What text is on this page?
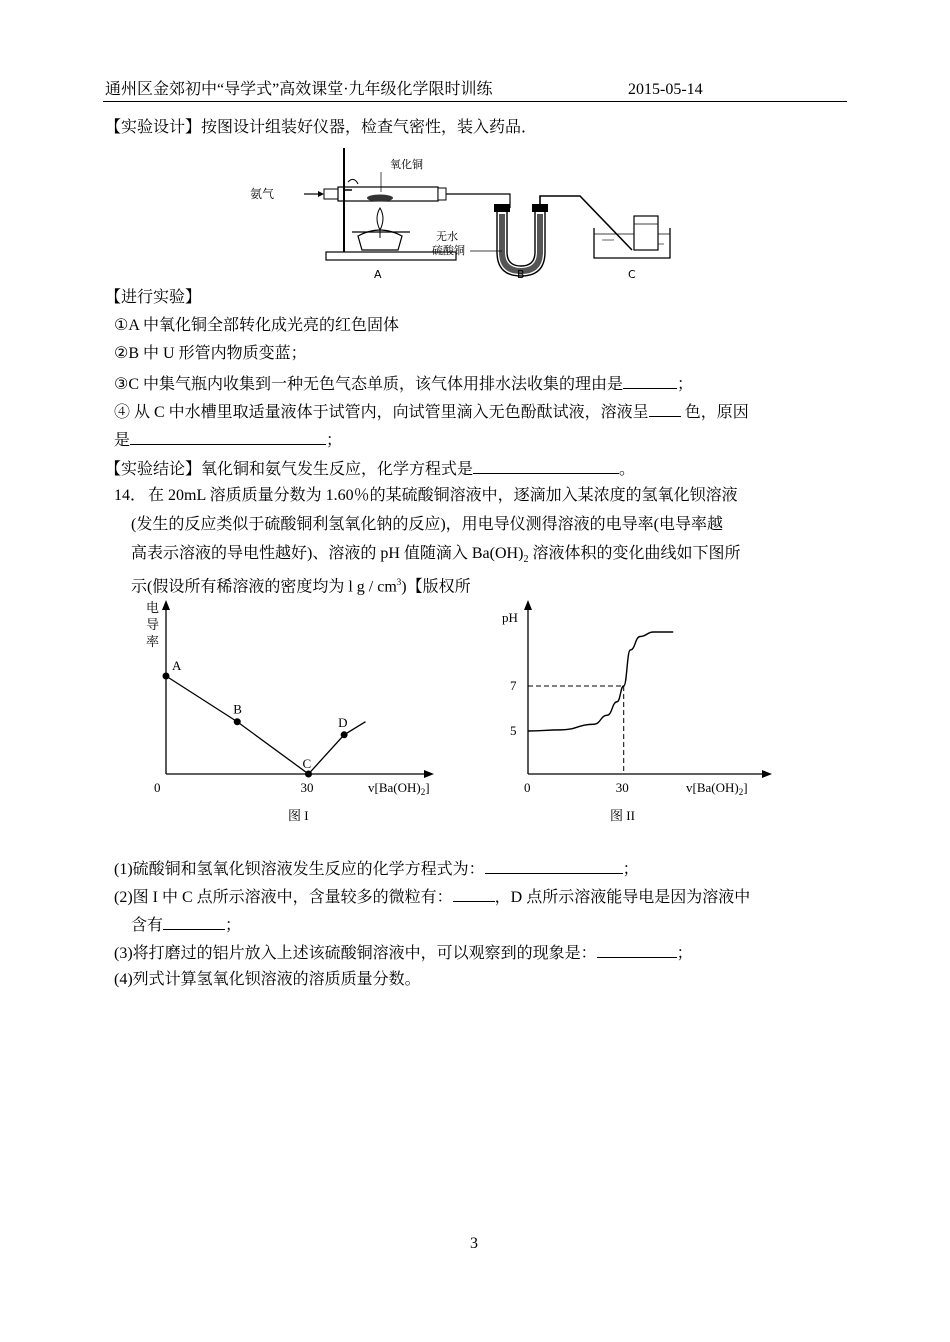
通州区金郊初中“导学式”高效课堂·九年级化学限时训练	2015-05-14
【实验设计】按图设计组装好仪器，检查气密性，装入药品．
氨气
氧化铜
无水
硫酸铜
A	B	C
【进行实验】
①A 中氧化铜全部转化成光亮的红色固体
②B 中 U 形管内物质变蓝；
③C 中集气瓶内收集到一种无色气态单质，该气体用排水法收集的理由是	；
④ 从 C 中水槽里取适量液体于试管内，向试管里滴入无色酚酞试液，溶液呈 色，原因
是	；
【实验结论】氧化铜和氨气发生反应，化学方程式是	。
14． 在 20mL 溶质质量分数为 1.60％的某硫酸铜溶液中，逐滴加入某浓度的氢氧化钡溶液
(发生的反应类似于硫酸铜利氢氧化钠的反应)，用电导仪测得溶液的电导率(电导率越
高表示溶液的导电性越好)、溶液的 pH 值随滴入 $Ba(OH)_2$ 溶液体积的变化曲线如下图所
示(假设所有稀溶液的密度均为 l g / $cm^3$)【版权所
电
导
率
A
B
C
D
0	30	$v[Ba(OH)_2]$
图 I
pH
7
5
0	30	$v[Ba(OH)_2]$
图 II
(1)硫酸铜和氢氧化钡溶液发生反应的化学方程式为：	；
(2)图 I 中 C 点所示溶液中，含量较多的微粒有：	，D 点所示溶液能导电是因为溶液中
含有	；
(3)将打磨过的铝片放入上述该硫酸铜溶液中，可以观察到的现象是：	；
(4)列式计算氢氧化钡溶液的溶质质量分数。
3
